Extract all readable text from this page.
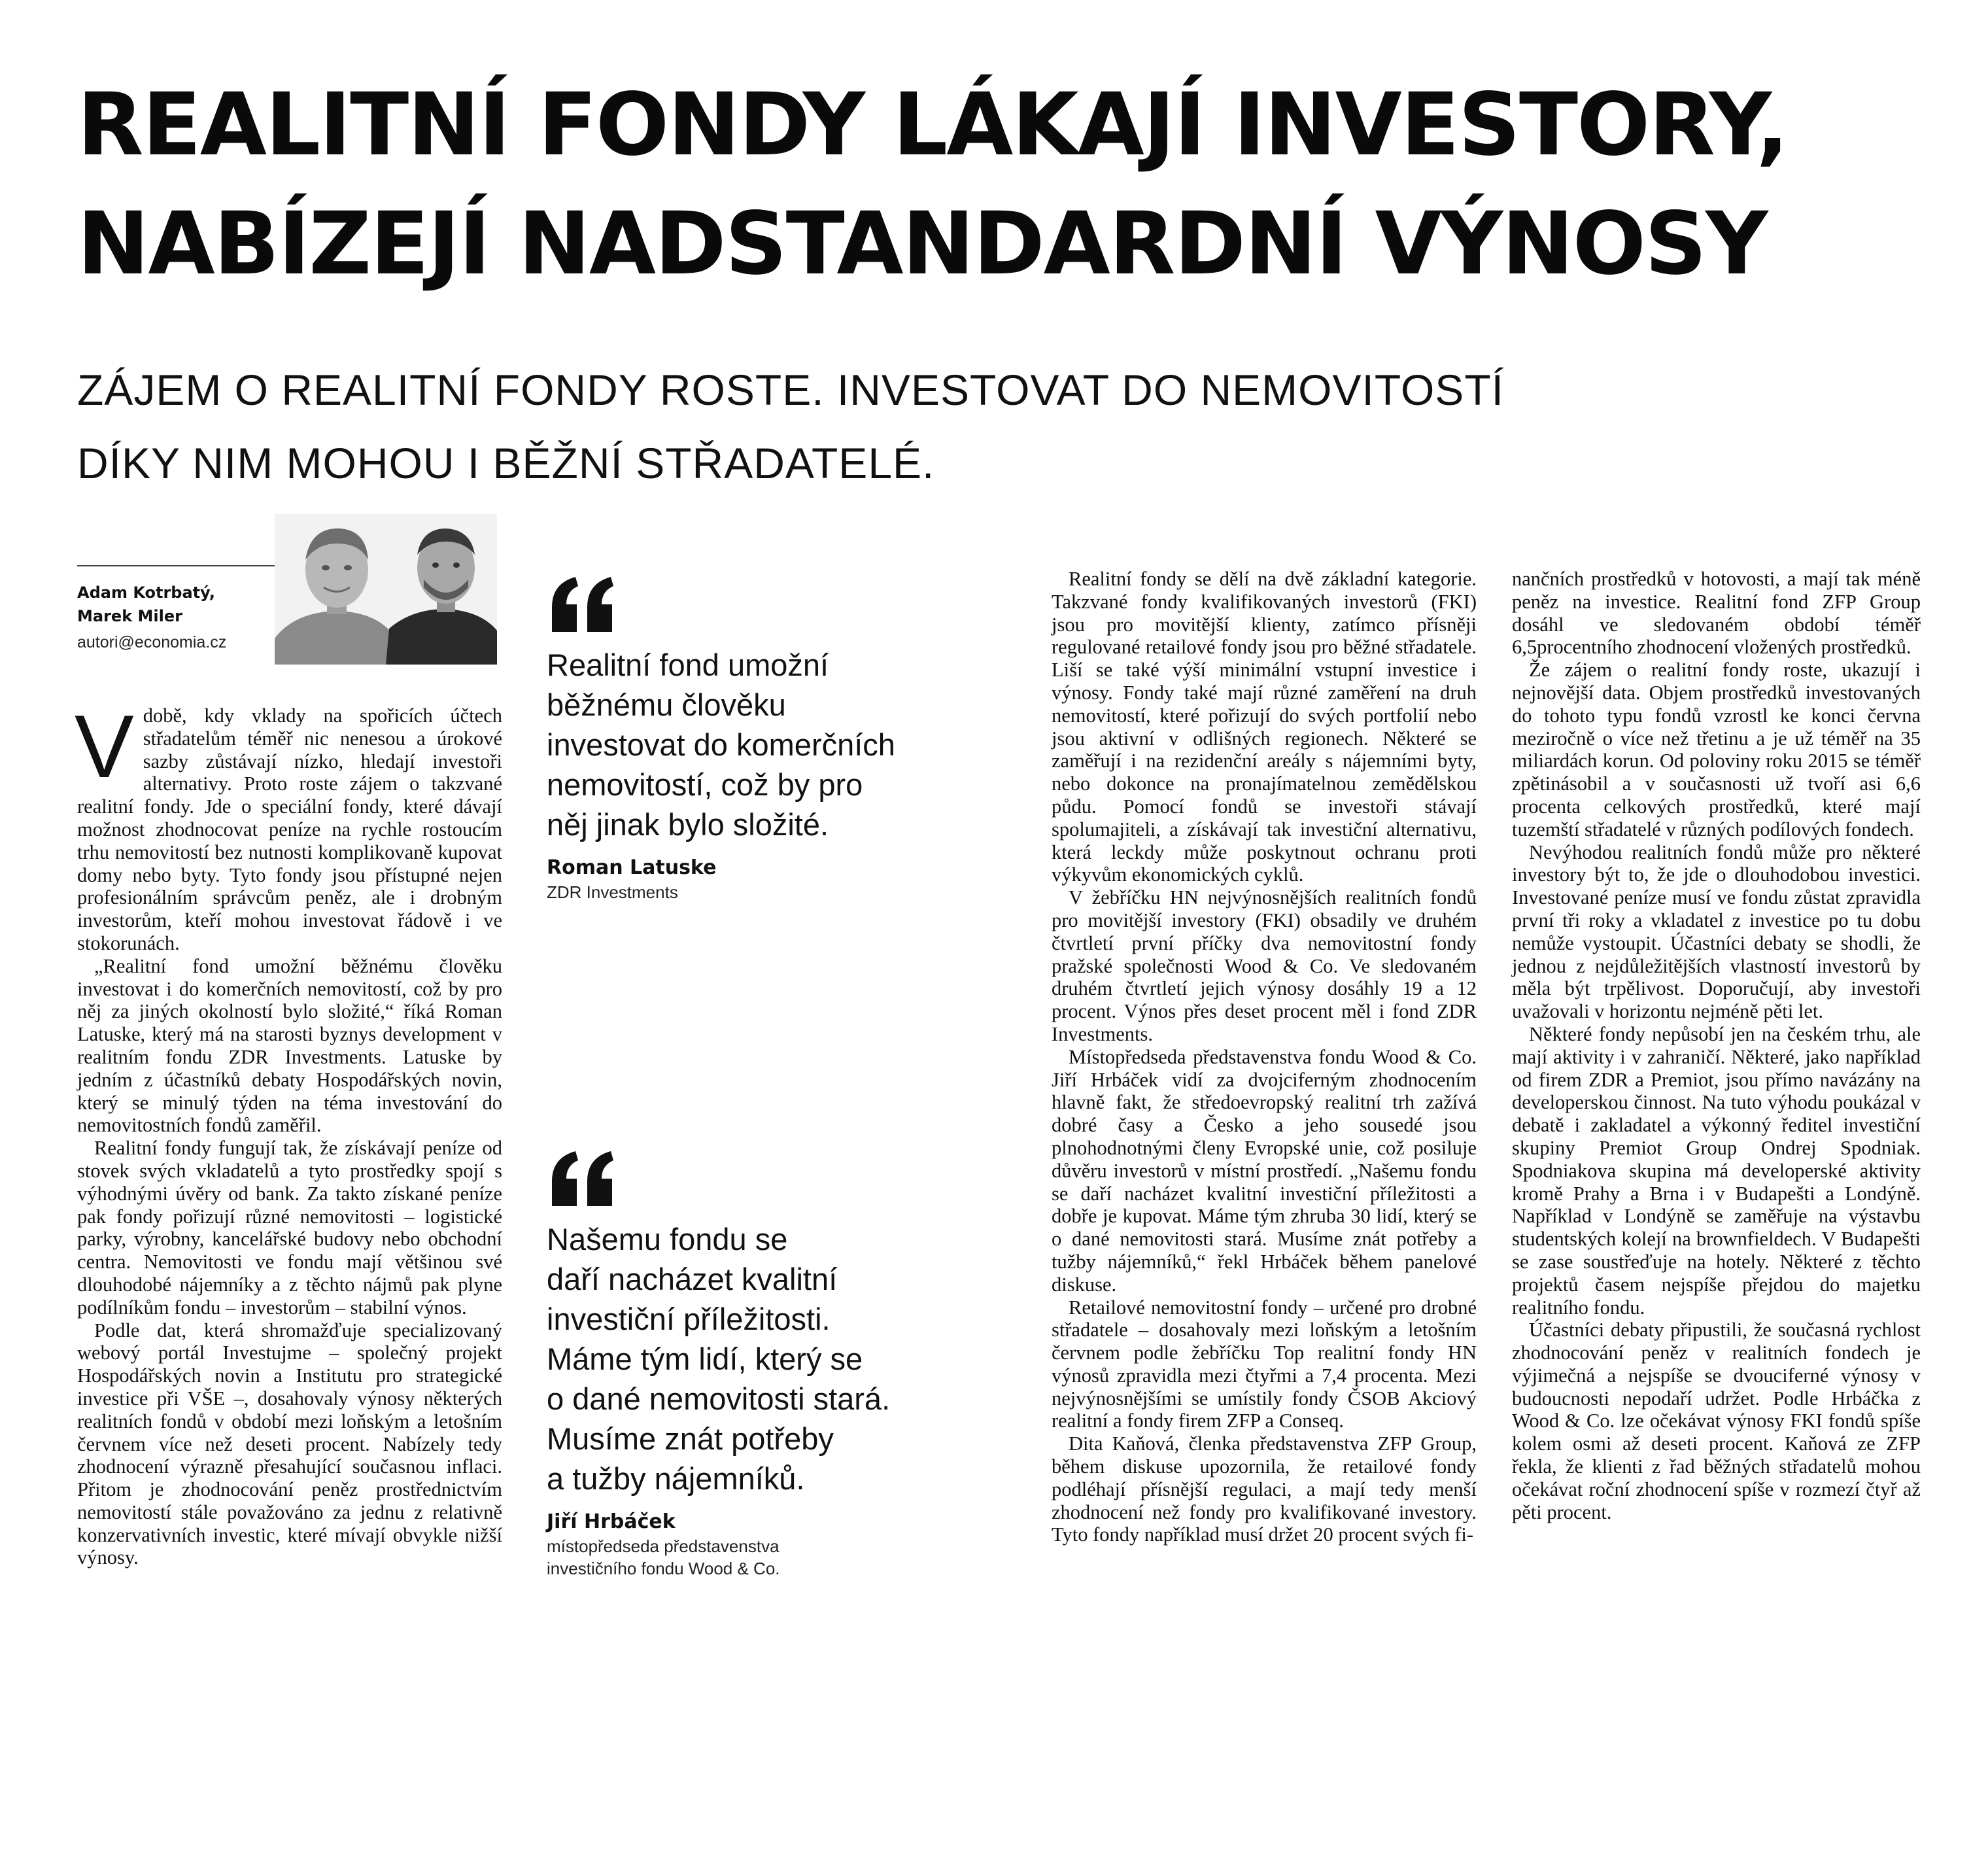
REALITNÍ FONDY LÁKAJÍ INVESTORY,
NABÍZEJÍ NADSTANDARDNÍ VÝNOSY
ZÁJEM O REALITNÍ FONDY ROSTE. INVESTOVAT DO NEMOVITOSTÍ
DÍKY NIM MOHOU I BĚŽNÍ STŘADATELÉ.
Adam Kotrbatý,
Marek Miler
autori@economia.cz

Vdobě, kdy vklady na spořicích účtech střadatelům téměř nic nenesou a úrokové sazby zůstávají nízko, hledají investoři alternativy. Proto roste zájem o takzvané realitní fondy. Jde o speciální fondy, které dávají možnost zhodnocovat peníze na rychle rostoucím trhu nemovitostí bez nutnosti komplikovaně kupovat domy nebo byty. Tyto fondy jsou přístupné nejen profesionálním správcům peněz, ale i drobným investorům, kteří mohou investovat řádově i ve stokorunách.

„Realitní fond umožní běžnému člověku investovat i do komerčních nemovitostí, což by pro něj za jiných okolností bylo složité,“ říká Roman Latuske, který má na starosti byznys development v realitním fondu ZDR Investments. Latuske by jedním z účastníků debaty Hospodářských novin, který se minulý týden na téma investování do nemovitostních fondů zaměřil.

Realitní fondy fungují tak, že získávají peníze od stovek svých vkladatelů a tyto prostředky spojí s výhodnými úvěry od bank. Za takto získané peníze pak fondy pořizují různé nemovitosti – logistické parky, výrobny, kancelářské budovy nebo obchodní centra. Nemovitosti ve fondu mají většinou své dlouhodobé nájemníky a z těchto nájmů pak plyne podílníkům fondu – investorům – stabilní výnos.

Podle dat, která shromažďuje specializovaný webový portál Investujme – společný projekt Hospodářských novin a Institutu pro strategické investice při VŠE –, dosahovaly výnosy některých realitních fondů v období mezi loňským a letošním červnem více než deseti procent. Nabízely tedy zhodnocení výrazně přesahující současnou inflaci. Přitom je zhodnocování peněz prostřednictvím nemovitostí stále považováno za jednu z relativně konzervativních investic, které mívají obvykle nižší výnosy.

Realitní fond umožní
běžnému člověku
investovat do komerčních
nemovitostí, což by pro
něj jinak bylo složité.
Roman Latuske
ZDR Investments
Našemu fondu se
daří nacházet kvalitní
investiční příležitosti.
Máme tým lidí, který se
o dané nemovitosti stará.
Musíme znát potřeby
a tužby nájemníků.
Jiří Hrbáček
místopředseda představenstva
investičního fondu Wood & Co.

Realitní fondy se dělí na dvě základní kategorie. Takzvané fondy kvalifikovaných investorů (FKI) jsou pro movitější klienty, zatímco přísněji regulované retailové fondy jsou pro běžné střadatele. Liší se také výší minimální vstupní investice i výnosy. Fondy také mají různé zaměření na druh nemovitostí, které pořizují do svých portfolií nebo jsou aktivní v odlišných regionech. Některé se zaměřují i na rezidenční areály s nájemními byty, nebo dokonce na pronajímatelnou zemědělskou půdu. Pomocí fondů se investoři stávají spolumajiteli, a získávají tak investiční alternativu, která leckdy může poskytnout ochranu proti výkyvům ekonomických cyklů.

V žebříčku HN nejvýnosnějších realitních fondů pro movitější investory (FKI) obsadily ve druhém čtvrtletí první příčky dva nemovitostní fondy pražské společnosti Wood & Co. Ve sledovaném druhém čtvrtletí jejich výnosy dosáhly 19 a 12 procent. Výnos přes deset procent měl i fond ZDR Investments.

Místopředseda představenstva fondu Wood & Co. Jiří Hrbáček vidí za dvojciferným zhodnocením hlavně fakt, že středoevropský realitní trh zažívá dobré časy a Česko a jeho sousedé jsou plnohodnotnými členy Evropské unie, což posiluje důvěru investorů v místní prostředí. „Našemu fondu se daří nacházet kvalitní investiční příležitosti a dobře je kupovat. Máme tým zhruba 30 lidí, který se o dané nemovitosti stará. Musíme znát potřeby a tužby nájemníků,“ řekl Hrbáček během panelové diskuse.

Retailové nemovitostní fondy – určené pro drobné střadatele – dosahovaly mezi loňským a letošním červnem podle žebříčku Top realitní fondy HN výnosů zpravidla mezi čtyřmi a 7,4 procenta. Mezi nejvýnosnějšími se umístily fondy ČSOB Akciový realitní a fondy firem ZFP a Conseq.

Dita Kaňová, členka představenstva ZFP Group, během diskuse upozornila, že retailové fondy podléhají přísnější regulaci, a mají tedy menší zhodnocení než fondy pro kvalifikované investory. Tyto fondy například musí držet 20 procent svých fi-

nančních prostředků v hotovosti, a mají tak méně peněz na investice. Realitní fond ZFP Group dosáhl ve sledovaném období téměř 6,5procentního zhodnocení vložených prostředků.

Že zájem o realitní fondy roste, ukazují i nejnovější data. Objem prostředků investovaných do tohoto typu fondů vzrostl ke konci června meziročně o více než třetinu a je už téměř na 35 miliardách korun. Od poloviny roku 2015 se téměř zpětinásobil a v současnosti už tvoří asi 6,6 procenta celkových prostředků, které mají tuzemští střadatelé v různých podílových fondech.

Nevýhodou realitních fondů může pro některé investory být to, že jde o dlouhodobou investici. Investované peníze musí ve fondu zůstat zpravidla první tři roky a vkladatel z investice po tu dobu nemůže vystoupit. Účastníci debaty se shodli, že jednou z nejdůležitějších vlastností investorů by měla být trpělivost. Doporučují, aby investoři uvažovali v horizontu nejméně pěti let.

Některé fondy nepůsobí jen na českém trhu, ale mají aktivity i v zahraničí. Některé, jako například od firem ZDR a Premiot, jsou přímo navázány na developerskou činnost. Na tuto výhodu poukázal v debatě i zakladatel a výkonný ředitel investiční skupiny Premiot Group Ondrej Spodniak. Spodniakova skupina má developerské aktivity kromě Prahy a Brna i v Budapešti a Londýně. Například v Londýně se zaměřuje na výstavbu studentských kolejí na brownfieldech. V Budapešti se zase soustřeďuje na hotely. Některé z těchto projektů časem nejspíše přejdou do majetku realitního fondu.

Účastníci debaty připustili, že současná rychlost zhodnocování peněz v realitních fondech je výjimečná a nejspíše se dvouciferné výnosy v budoucnosti nepodaří udržet. Podle Hrbáčka z Wood & Co. lze očekávat výnosy FKI fondů spíše kolem osmi až deseti procent. Kaňová ze ZFP řekla, že klienti z řad běžných střadatelů mohou očekávat roční zhodnocení spíše v rozmezí čtyř až pěti procent.
